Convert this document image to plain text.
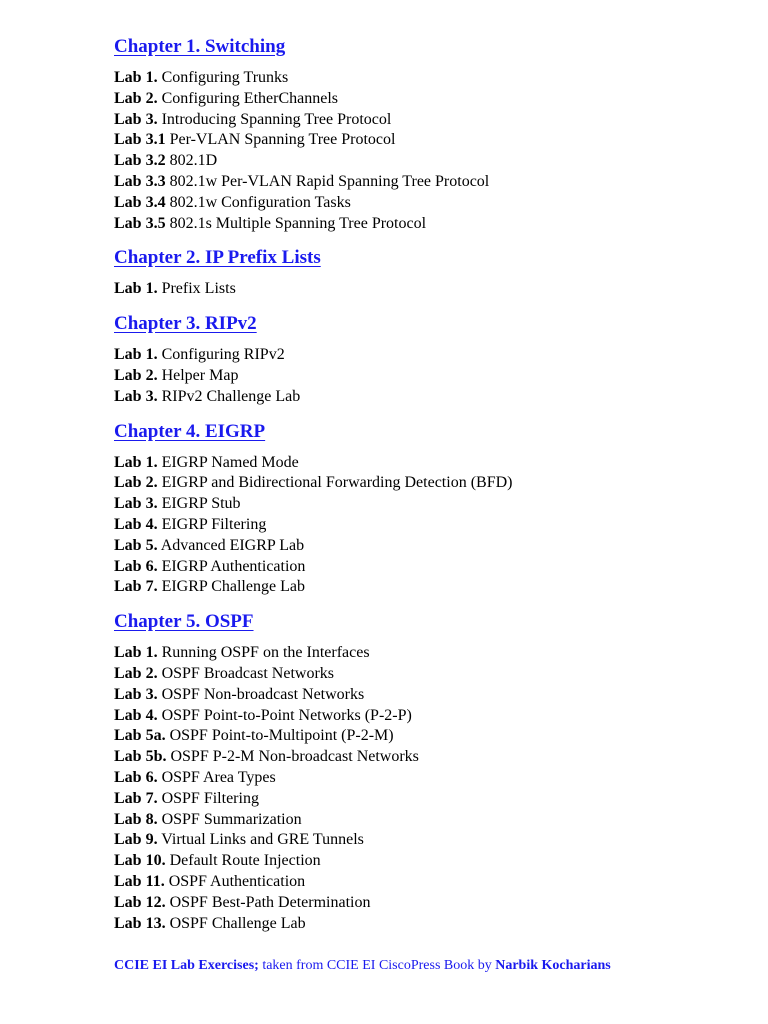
Chapter 1. Switching
Lab 1. Configuring Trunks
Lab 2. Configuring EtherChannels
Lab 3. Introducing Spanning Tree Protocol
Lab 3.1 Per-VLAN Spanning Tree Protocol
Lab 3.2 802.1D
Lab 3.3 802.1w Per-VLAN Rapid Spanning Tree Protocol
Lab 3.4 802.1w Configuration Tasks
Lab 3.5 802.1s Multiple Spanning Tree Protocol
Chapter 2. IP Prefix Lists
Lab 1. Prefix Lists
Chapter 3. RIPv2
Lab 1. Configuring RIPv2
Lab 2. Helper Map
Lab 3. RIPv2 Challenge Lab
Chapter 4. EIGRP
Lab 1. EIGRP Named Mode
Lab 2. EIGRP and Bidirectional Forwarding Detection (BFD)
Lab 3. EIGRP Stub
Lab 4. EIGRP Filtering
Lab 5. Advanced EIGRP Lab
Lab 6. EIGRP Authentication
Lab 7. EIGRP Challenge Lab
Chapter 5. OSPF
Lab 1. Running OSPF on the Interfaces
Lab 2. OSPF Broadcast Networks
Lab 3. OSPF Non-broadcast Networks
Lab 4. OSPF Point-to-Point Networks (P-2-P)
Lab 5a. OSPF Point-to-Multipoint (P-2-M)
Lab 5b. OSPF P-2-M Non-broadcast Networks
Lab 6. OSPF Area Types
Lab 7. OSPF Filtering
Lab 8. OSPF Summarization
Lab 9. Virtual Links and GRE Tunnels
Lab 10. Default Route Injection
Lab 11. OSPF Authentication
Lab 12. OSPF Best-Path Determination
Lab 13. OSPF Challenge Lab
CCIE EI Lab Exercises; taken from CCIE EI CiscoPress Book by Narbik Kocharians
